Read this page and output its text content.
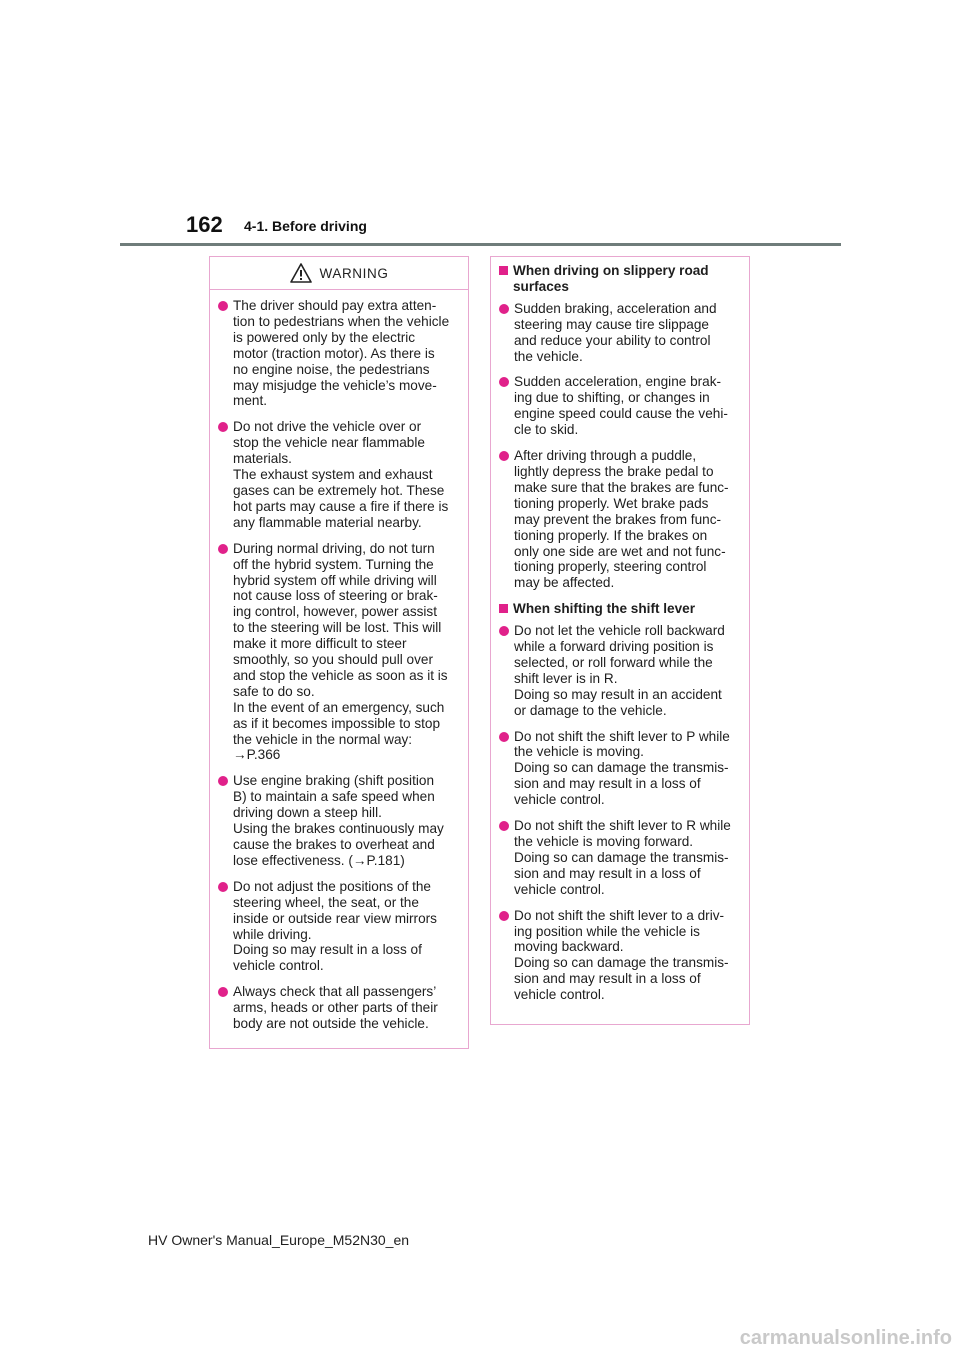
162 4-1. Before driving
WARNING
The driver should pay extra atten-
tion to pedestrians when the vehicle
is powered only by the electric
motor (traction motor). As there is
no engine noise, the pedestrians
may misjudge the vehicle’s move-
ment.
Do not drive the vehicle over or
stop the vehicle near flammable
materials.
The exhaust system and exhaust
gases can be extremely hot. These
hot parts may cause a fire if there is
any flammable material nearby.
During normal driving, do not turn
off the hybrid system. Turning the
hybrid system off while driving will
not cause loss of steering or brak-
ing control, however, power assist
to the steering will be lost. This will
make it more difficult to steer
smoothly, so you should pull over
and stop the vehicle as soon as it is
safe to do so.
In the event of an emergency, such
as if it becomes impossible to stop
the vehicle in the normal way:
→P.366
Use engine braking (shift position
B) to maintain a safe speed when
driving down a steep hill.
Using the brakes continuously may
cause the brakes to overheat and
lose effectiveness. (→P.181)
Do not adjust the positions of the
steering wheel, the seat, or the
inside or outside rear view mirrors
while driving.
Doing so may result in a loss of
vehicle control.
Always check that all passengers’
arms, heads or other parts of their
body are not outside the vehicle.
When driving on slippery road
surfaces
Sudden braking, acceleration and
steering may cause tire slippage
and reduce your ability to control
the vehicle.
Sudden acceleration, engine brak-
ing due to shifting, or changes in
engine speed could cause the vehi-
cle to skid.
After driving through a puddle,
lightly depress the brake pedal to
make sure that the brakes are func-
tioning properly. Wet brake pads
may prevent the brakes from func-
tioning properly. If the brakes on
only one side are wet and not func-
tioning properly, steering control
may be affected.
When shifting the shift lever
Do not let the vehicle roll backward
while a forward driving position is
selected, or roll forward while the
shift lever is in R.
Doing so may result in an accident
or damage to the vehicle.
Do not shift the shift lever to P while
the vehicle is moving.
Doing so can damage the transmis-
sion and may result in a loss of
vehicle control.
Do not shift the shift lever to R while
the vehicle is moving forward.
Doing so can damage the transmis-
sion and may result in a loss of
vehicle control.
Do not shift the shift lever to a driv-
ing position while the vehicle is
moving backward.
Doing so can damage the transmis-
sion and may result in a loss of
vehicle control.
HV Owner's Manual_Europe_M52N30_en
carmanualsonline.info
